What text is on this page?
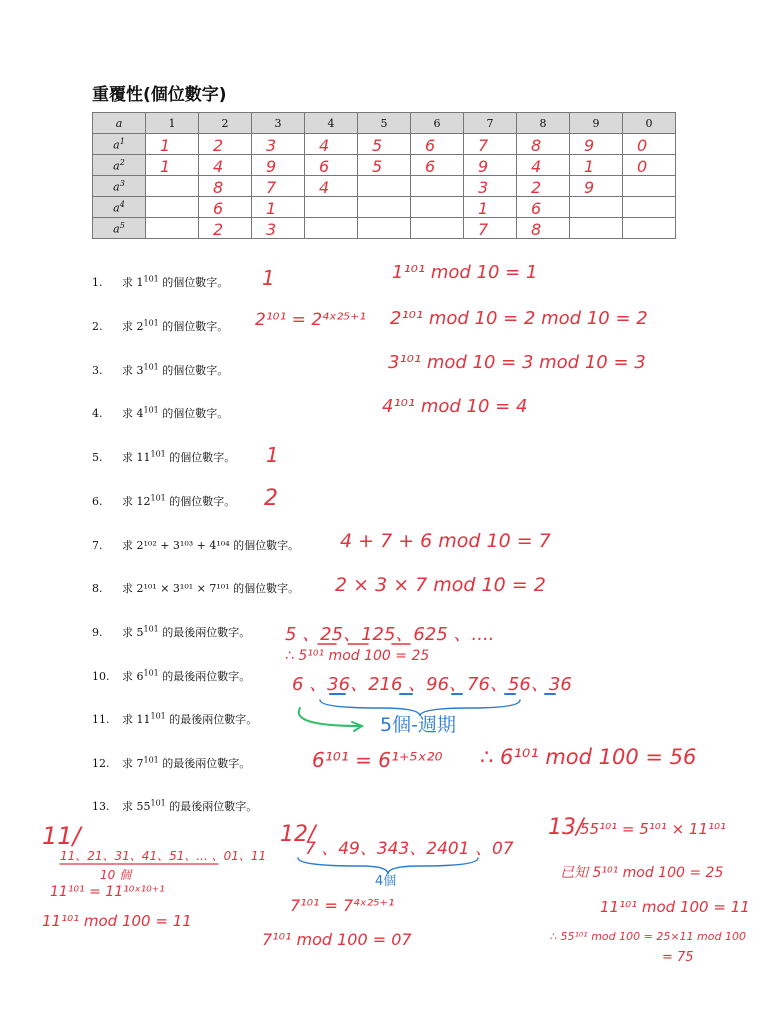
重覆性(個位數字)
a	1	2	3	4	5	6	7	8	9	0
$a^1$	1	2	3	4	5	6	7	8	9	0

$a^2$	1	4	9	6	5	6	9	4	1	0

$a^3$		8	7	4			3	2	9	

$a^4$		6	1				1	6		

$a^5$		2	3				7	8		

1. 求 $1^{101}$ 的個位數字。
2. 求 $2^{101}$ 的個位數字。
3. 求 $3^{101}$ 的個位數字。
4. 求 $4^{101}$ 的個位數字。
5. 求 $11^{101}$ 的個位數字。
6. 求 $12^{101}$ 的個位數字。
7. 求 2¹⁰² + 3¹⁰³ + 4¹⁰⁴ 的個位數字。
8. 求 2¹⁰¹ × 3¹⁰¹ × 7¹⁰¹ 的個位數字。
9. 求 $5^{101}$ 的最後兩位數字。
10. 求 $6^{101}$ 的最後兩位數字。
11. 求 $11^{101}$ 的最後兩位數字。
12. 求 $7^{101}$ 的最後兩位數字。
13. 求 $55^{101}$ 的最後兩位數字。
1	1¹⁰¹ mod 10 = 1
2¹⁰¹ = 2⁴ˣ²⁵⁺¹ 2¹⁰¹ mod 10 = 2 mod 10 = 2
3¹⁰¹ mod 10 = 3 mod 10 = 3
4¹⁰¹ mod 10 = 4
1
2
4 + 7 + 6 mod 10 = 7
2 × 3 × 7 mod 10 = 2
5 、25、125、625 、....
∴ 5¹⁰¹ mod 100 = 25
6 、36、216 、96、76、56、36
5個-週期
6¹⁰¹ = 6¹⁺⁵ˣ²⁰ ∴ 6¹⁰¹ mod 100 = 56
11/
11、21、31、41、51、... 、01、11
10 個
11¹⁰¹ = 11¹⁰ˣ¹⁰⁺¹
11¹⁰¹ mod 100 = 11
12/
7 、49、343、2401 、07
4個
7¹⁰¹ = 7⁴ˣ²⁵⁺¹
7¹⁰¹ mod 100 = 07
13/
55¹⁰¹ = 5¹⁰¹ × 11¹⁰¹
已知 5¹⁰¹ mod 100 = 25
11¹⁰¹ mod 100 = 11
∴ 55¹⁰¹ mod 100 = 25×11 mod 100
= 75
